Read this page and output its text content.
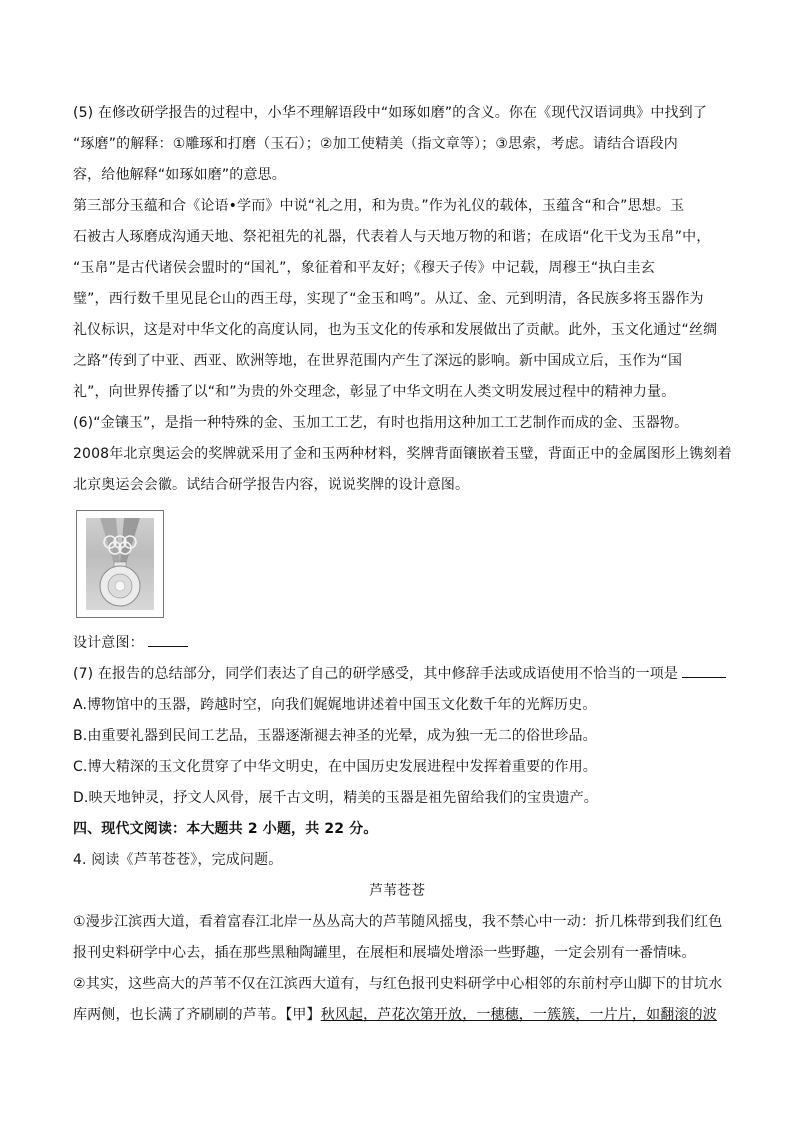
(5) 在修改研学报告的过程中，小华不理解语段中“如琢如磨”的含义。你在《现代汉语词典》中找到了
“琢磨”的解释：①雕琢和打磨（玉石）；②加工使精美（指文章等）；③思索，考虑。请结合语段内
容，给他解释“如琢如磨”的意思。
第三部分玉蕴和合《论语•学而》中说“礼之用，和为贵。”作为礼仪的载体，玉蕴含“和合”思想。玉
石被古人琢磨成沟通天地、祭祀祖先的礼器，代表着人与天地万物的和谐；在成语“化干戈为玉帛”中，
“玉帛”是古代诸侯会盟时的“国礼”，象征着和平友好；《穆天子传》中记载，周穆王“执白圭玄
璧”，西行数千里见昆仑山的西王母，实现了“金玉和鸣”。从辽、金、元到明清，各民族多将玉器作为
礼仪标识，这是对中华文化的高度认同，也为玉文化的传承和发展做出了贡献。此外，玉文化通过“丝绸
之路”传到了中亚、西亚、欧洲等地，在世界范围内产生了深远的影响。新中国成立后，玉作为“国
礼”，向世界传播了以“和”为贵的外交理念，彰显了中华文明在人类文明发展过程中的精神力量。
(6)“金镶玉”，是指一种特殊的金、玉加工工艺，有时也指用这种加工工艺制作而成的金、玉器物。
2008年北京奥运会的奖牌就采用了金和玉两种材料，奖牌背面镶嵌着玉璧，背面正中的金属图形上镌刻着
北京奥运会会徽。试结合研学报告内容，说说奖牌的设计意图。
设计意图：
(7) 在报告的总结部分，同学们表达了自己的研学感受，其中修辞手法或成语使用不恰当的一项是
A.博物馆中的玉器，跨越时空，向我们娓娓地讲述着中国玉文化数千年的光辉历史。
B.由重要礼器到民间工艺品，玉器逐渐褪去神圣的光晕，成为独一无二的俗世珍品。
C.博大精深的玉文化贯穿了中华文明史，在中国历史发展进程中发挥着重要的作用。
D.映天地钟灵，抒文人风骨，展千古文明，精美的玉器是祖先留给我们的宝贵遗产。
四、现代文阅读：本大题共 2 小题，共 22 分。
4. 阅读《芦苇苍苍》，完成问题。
芦苇苍苍
①漫步江滨西大道，看着富春江北岸一丛丛高大的芦苇随风摇曳，我不禁心中一动：折几株带到我们红色
报刊史料研学中心去，插在那些黑釉陶罐里，在展柜和展墙处增添一些野趣，一定会别有一番情味。
②其实，这些高大的芦苇不仅在江滨西大道有，与红色报刊史料研学中心相邻的东前村亭山脚下的甘坑水
库两侧，也长满了齐刷刷的芦苇。【甲】秋风起，芦花次第开放，一穗穗，一簇簇，一片片，如翻滚的波
